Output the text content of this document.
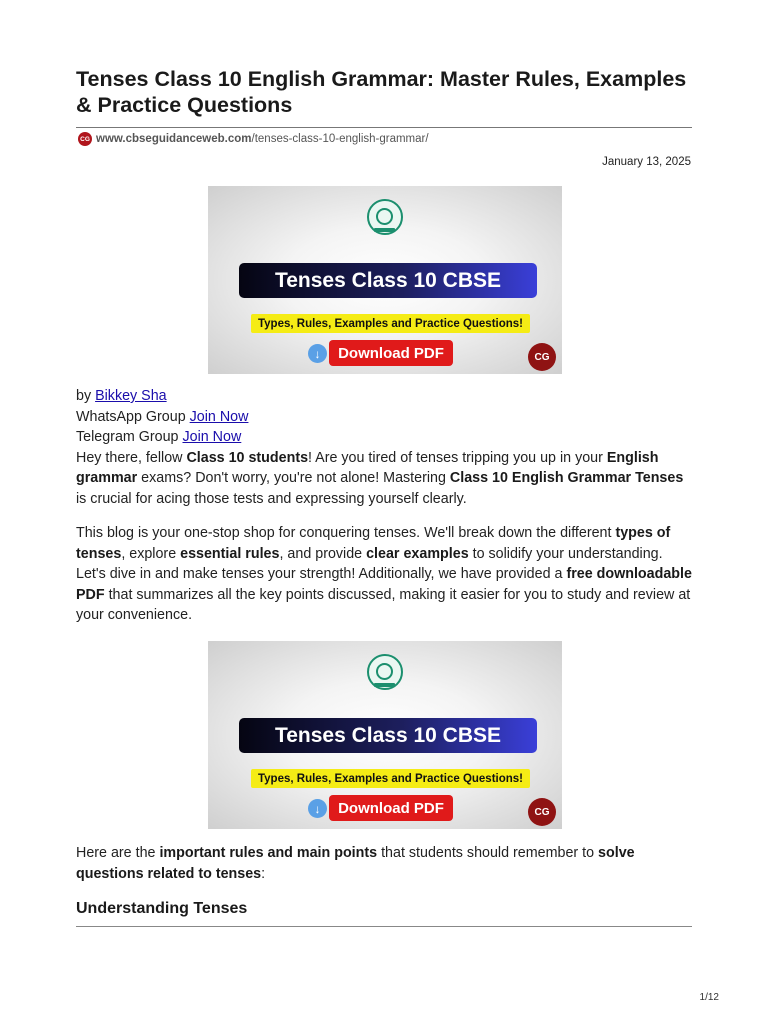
Tenses Class 10 English Grammar: Master Rules, Examples & Practice Questions
CG www.cbseguidanceweb.com /tenses-class-10-english-grammar/
January 13, 2025
Tenses Class 10 CBSE
Types, Rules, Examples and Practice Questions!
↓	Download PDF	CG

by Bikkey Sha

WhatsApp Group Join Now

Telegram Group Join Now

Hey there, fellow Class 10 students! Are you tired of tenses tripping you up in your English grammar exams? Don't worry, you're not alone! Mastering Class 10 English Grammar Tenses is crucial for acing those tests and expressing yourself clearly.

This blog is your one-stop shop for conquering tenses. We'll break down the different types of tenses, explore essential rules, and provide clear examples to solidify your understanding. Let's dive in and make tenses your strength! Additionally, we have provided a free downloadable PDF that summarizes all the key points discussed, making it easier for you to study and review at your convenience.

Tenses Class 10 CBSE
Types, Rules, Examples and Practice Questions!
↓	Download PDF	CG

Here are the important rules and main points that students should remember to solve questions related to tenses:

Understanding Tenses
1/12
